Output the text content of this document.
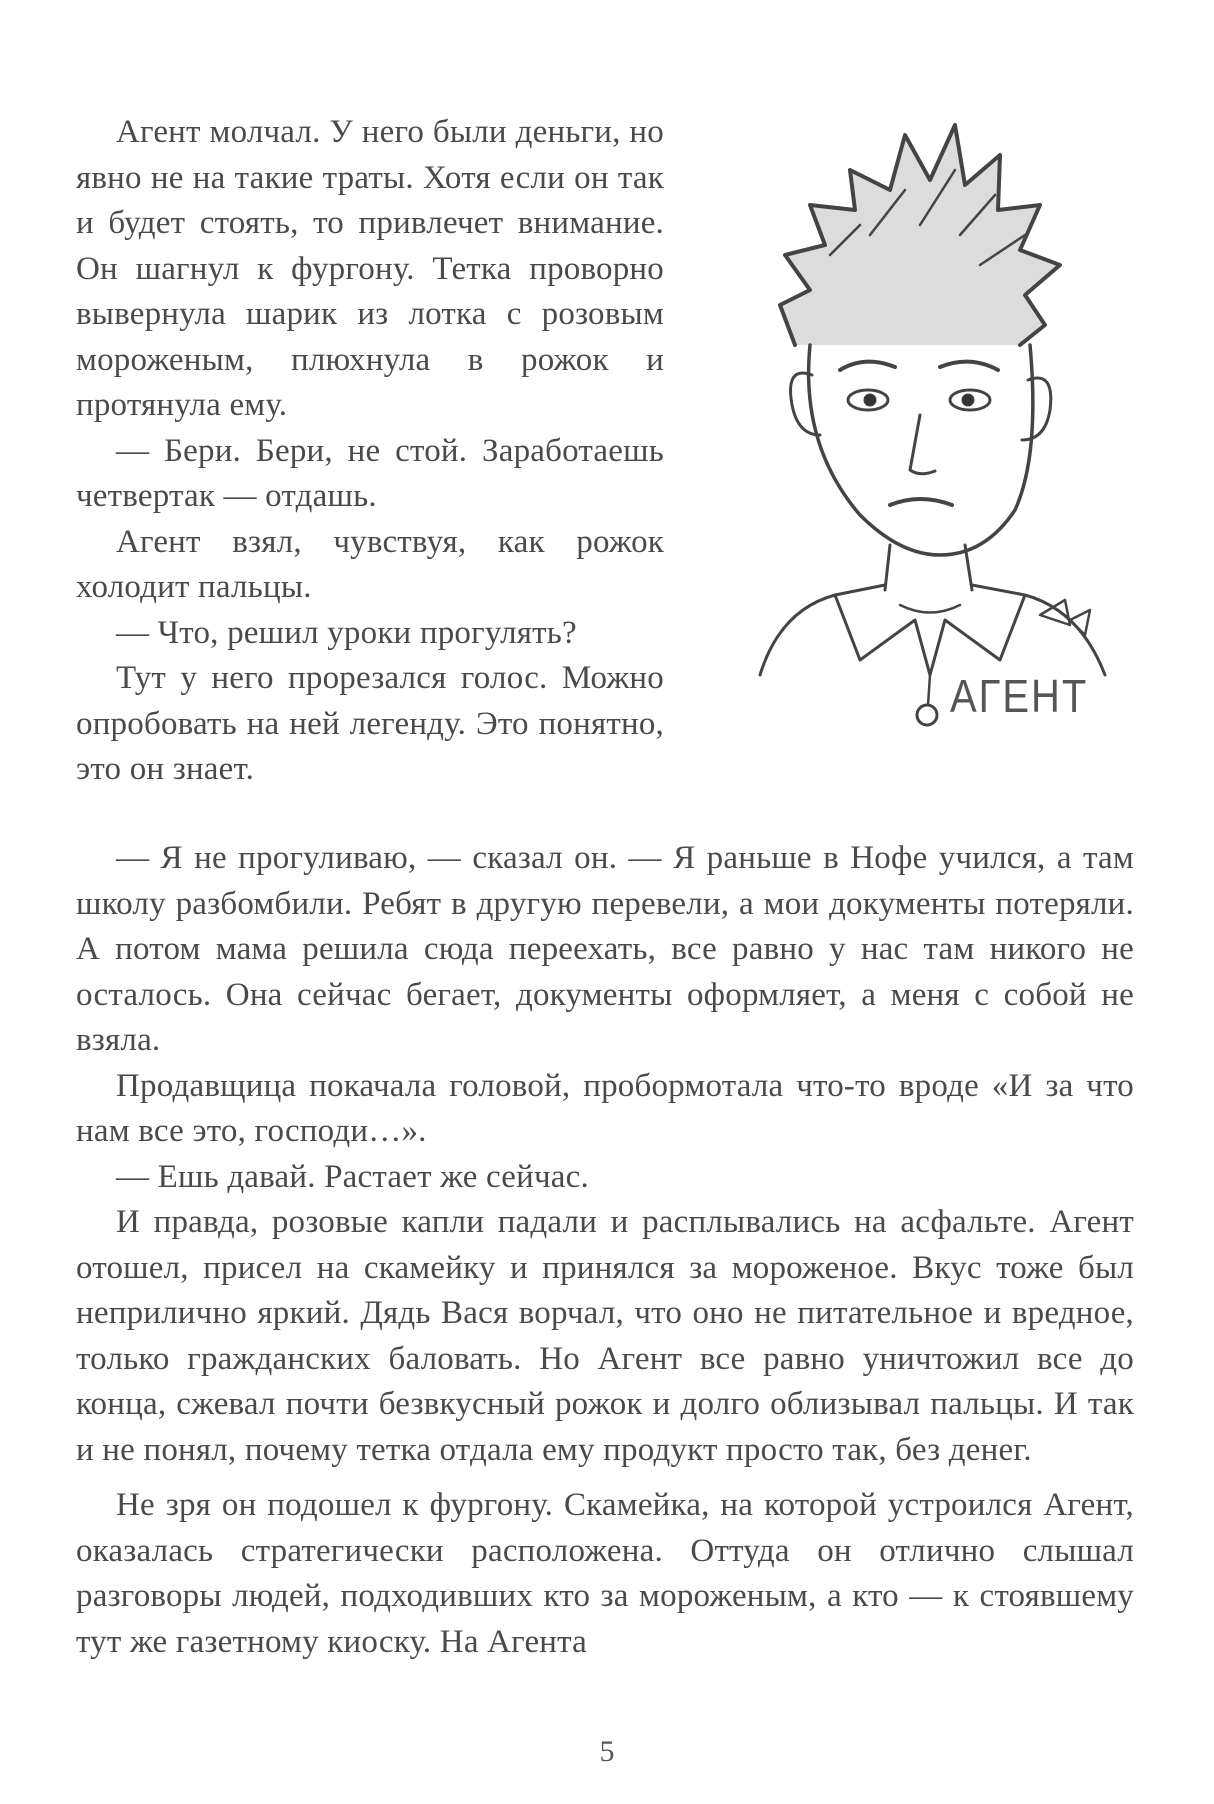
Агент молчал. У него были деньги, но явно не на такие траты. Хотя если он так и будет стоять, то привлечет внимание. Он шагнул к фургону. Тетка проворно вывернула шарик из лотка с розовым мороженым, плюхнула в рожок и протянула ему.

— Бери. Бери, не стой. Заработаешь четвертак — отдашь.

Агент взял, чувствуя, как рожок холодит пальцы.

— Что, решил уроки прогулять?

Тут у него прорезался голос. Можно опробовать на ней легенду. Это понятно, это он знает.

АГЕНТ

— Я не прогуливаю, — сказал он. — Я раньше в Нофе учился, а там школу разбомбили. Ребят в другую перевели, а мои документы потеряли. А потом мама решила сюда переехать, все равно у нас там никого не осталось. Она сейчас бегает, документы оформляет, а меня с собой не взяла.

Продавщица покачала головой, пробормотала что-то вроде «И за что нам все это, господи…».

— Ешь давай. Растает же сейчас.

И правда, розовые капли падали и расплывались на асфальте. Агент отошел, присел на скамейку и принялся за мороженое. Вкус тоже был неприлично яркий. Дядь Вася ворчал, что оно не питательное и вредное, только гражданских баловать. Но Агент все равно уничтожил все до конца, сжевал почти безвкусный рожок и долго облизывал пальцы. И так и не понял, почему тетка отдала ему продукт просто так, без денег.

Не зря он подошел к фургону. Скамейка, на которой устроился Агент, оказалась стратегически расположена. Оттуда он отлично слышал разговоры людей, подходивших кто за мороженым, а кто — к стоявшему тут же газетному киоску. На Агента

5
